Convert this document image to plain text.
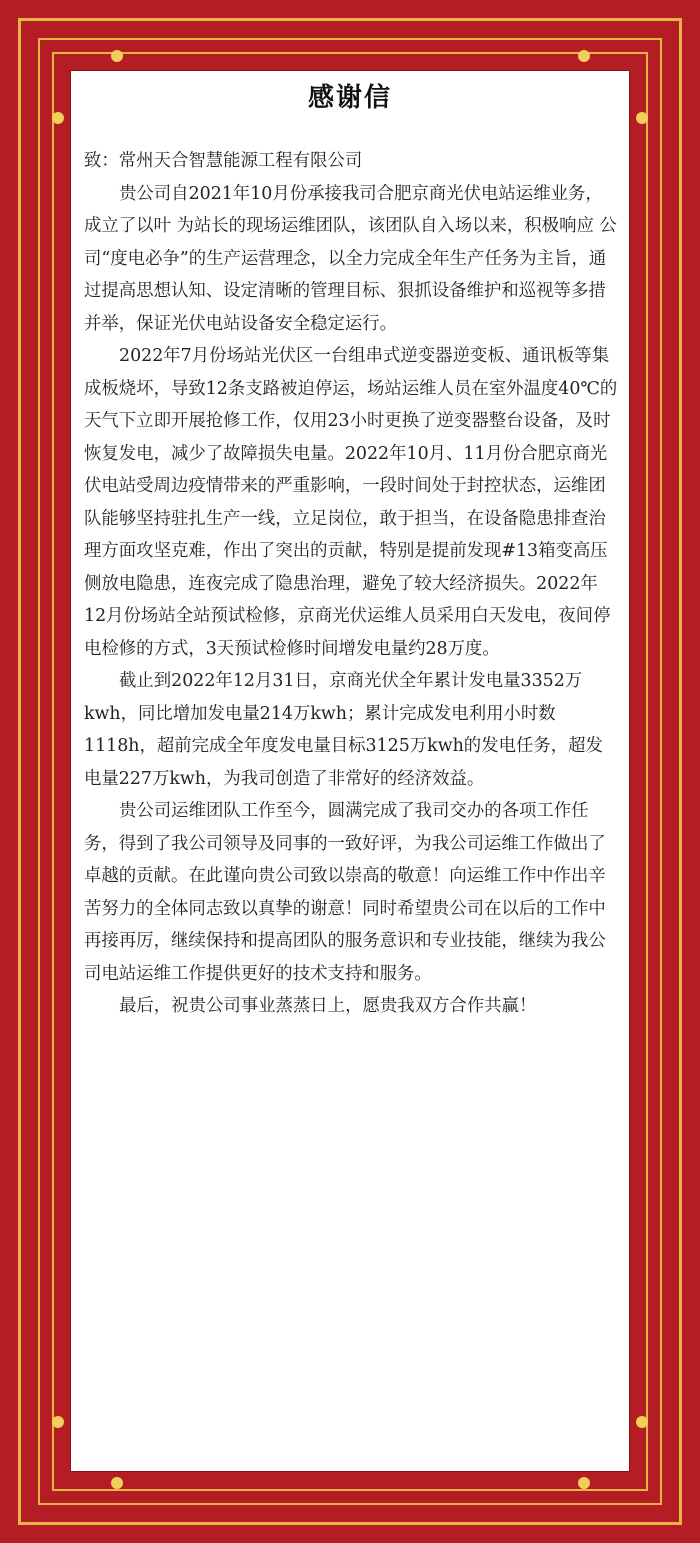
感谢信

致：常州天合智慧能源工程有限公司

贵公司自2021年10月份承接我司合肥京商光伏电站运维业务，成立了以叶 为站长的现场运维团队，该团队自入场以来，积极响应 公司“度电必争”的生产运营理念，以全力完成全年生产任务为主旨，通过提高思想认知、设定清晰的管理目标、狠抓设备维护和巡视等多措并举，保证光伏电站设备安全稳定运行。

2022年7月份场站光伏区一台组串式逆变器逆变板、通讯板等集成板烧坏，导致12条支路被迫停运，场站运维人员在室外温度40℃的天气下立即开展抢修工作，仅用23小时更换了逆变器整台设备，及时恢复发电，减少了故障损失电量。2022年10月、11月份合肥京商光伏电站受周边疫情带来的严重影响，一段时间处于封控状态，运维团队能够坚持驻扎生产一线，立足岗位，敢于担当，在设备隐患排查治理方面攻坚克难，作出了突出的贡献，特别是提前发现#13箱变高压侧放电隐患，连夜完成了隐患治理，避免了较大经济损失。2022年12月份场站全站预试检修，京商光伏运维人员采用白天发电，夜间停电检修的方式，3天预试检修时间增发电量约28万度。

截止到2022年12月31日，京商光伏全年累计发电量3352万kwh，同比增加发电量214万kwh；累计完成发电利用小时数1118h，超前完成全年度发电量目标3125万kwh的发电任务，超发电量227万kwh，为我司创造了非常好的经济效益。

贵公司运维团队工作至今，圆满完成了我司交办的各项工作任务，得到了我公司领导及同事的一致好评，为我公司运维工作做出了卓越的贡献。在此谨向贵公司致以崇高的敬意！向运维工作中作出辛苦努力的全体同志致以真挚的谢意！同时希望贵公司在以后的工作中再接再厉，继续保持和提高团队的服务意识和专业技能，继续为我公司电站运维工作提供更好的技术支持和服务。

最后，祝贵公司事业蒸蒸日上，愿贵我双方合作共赢！
